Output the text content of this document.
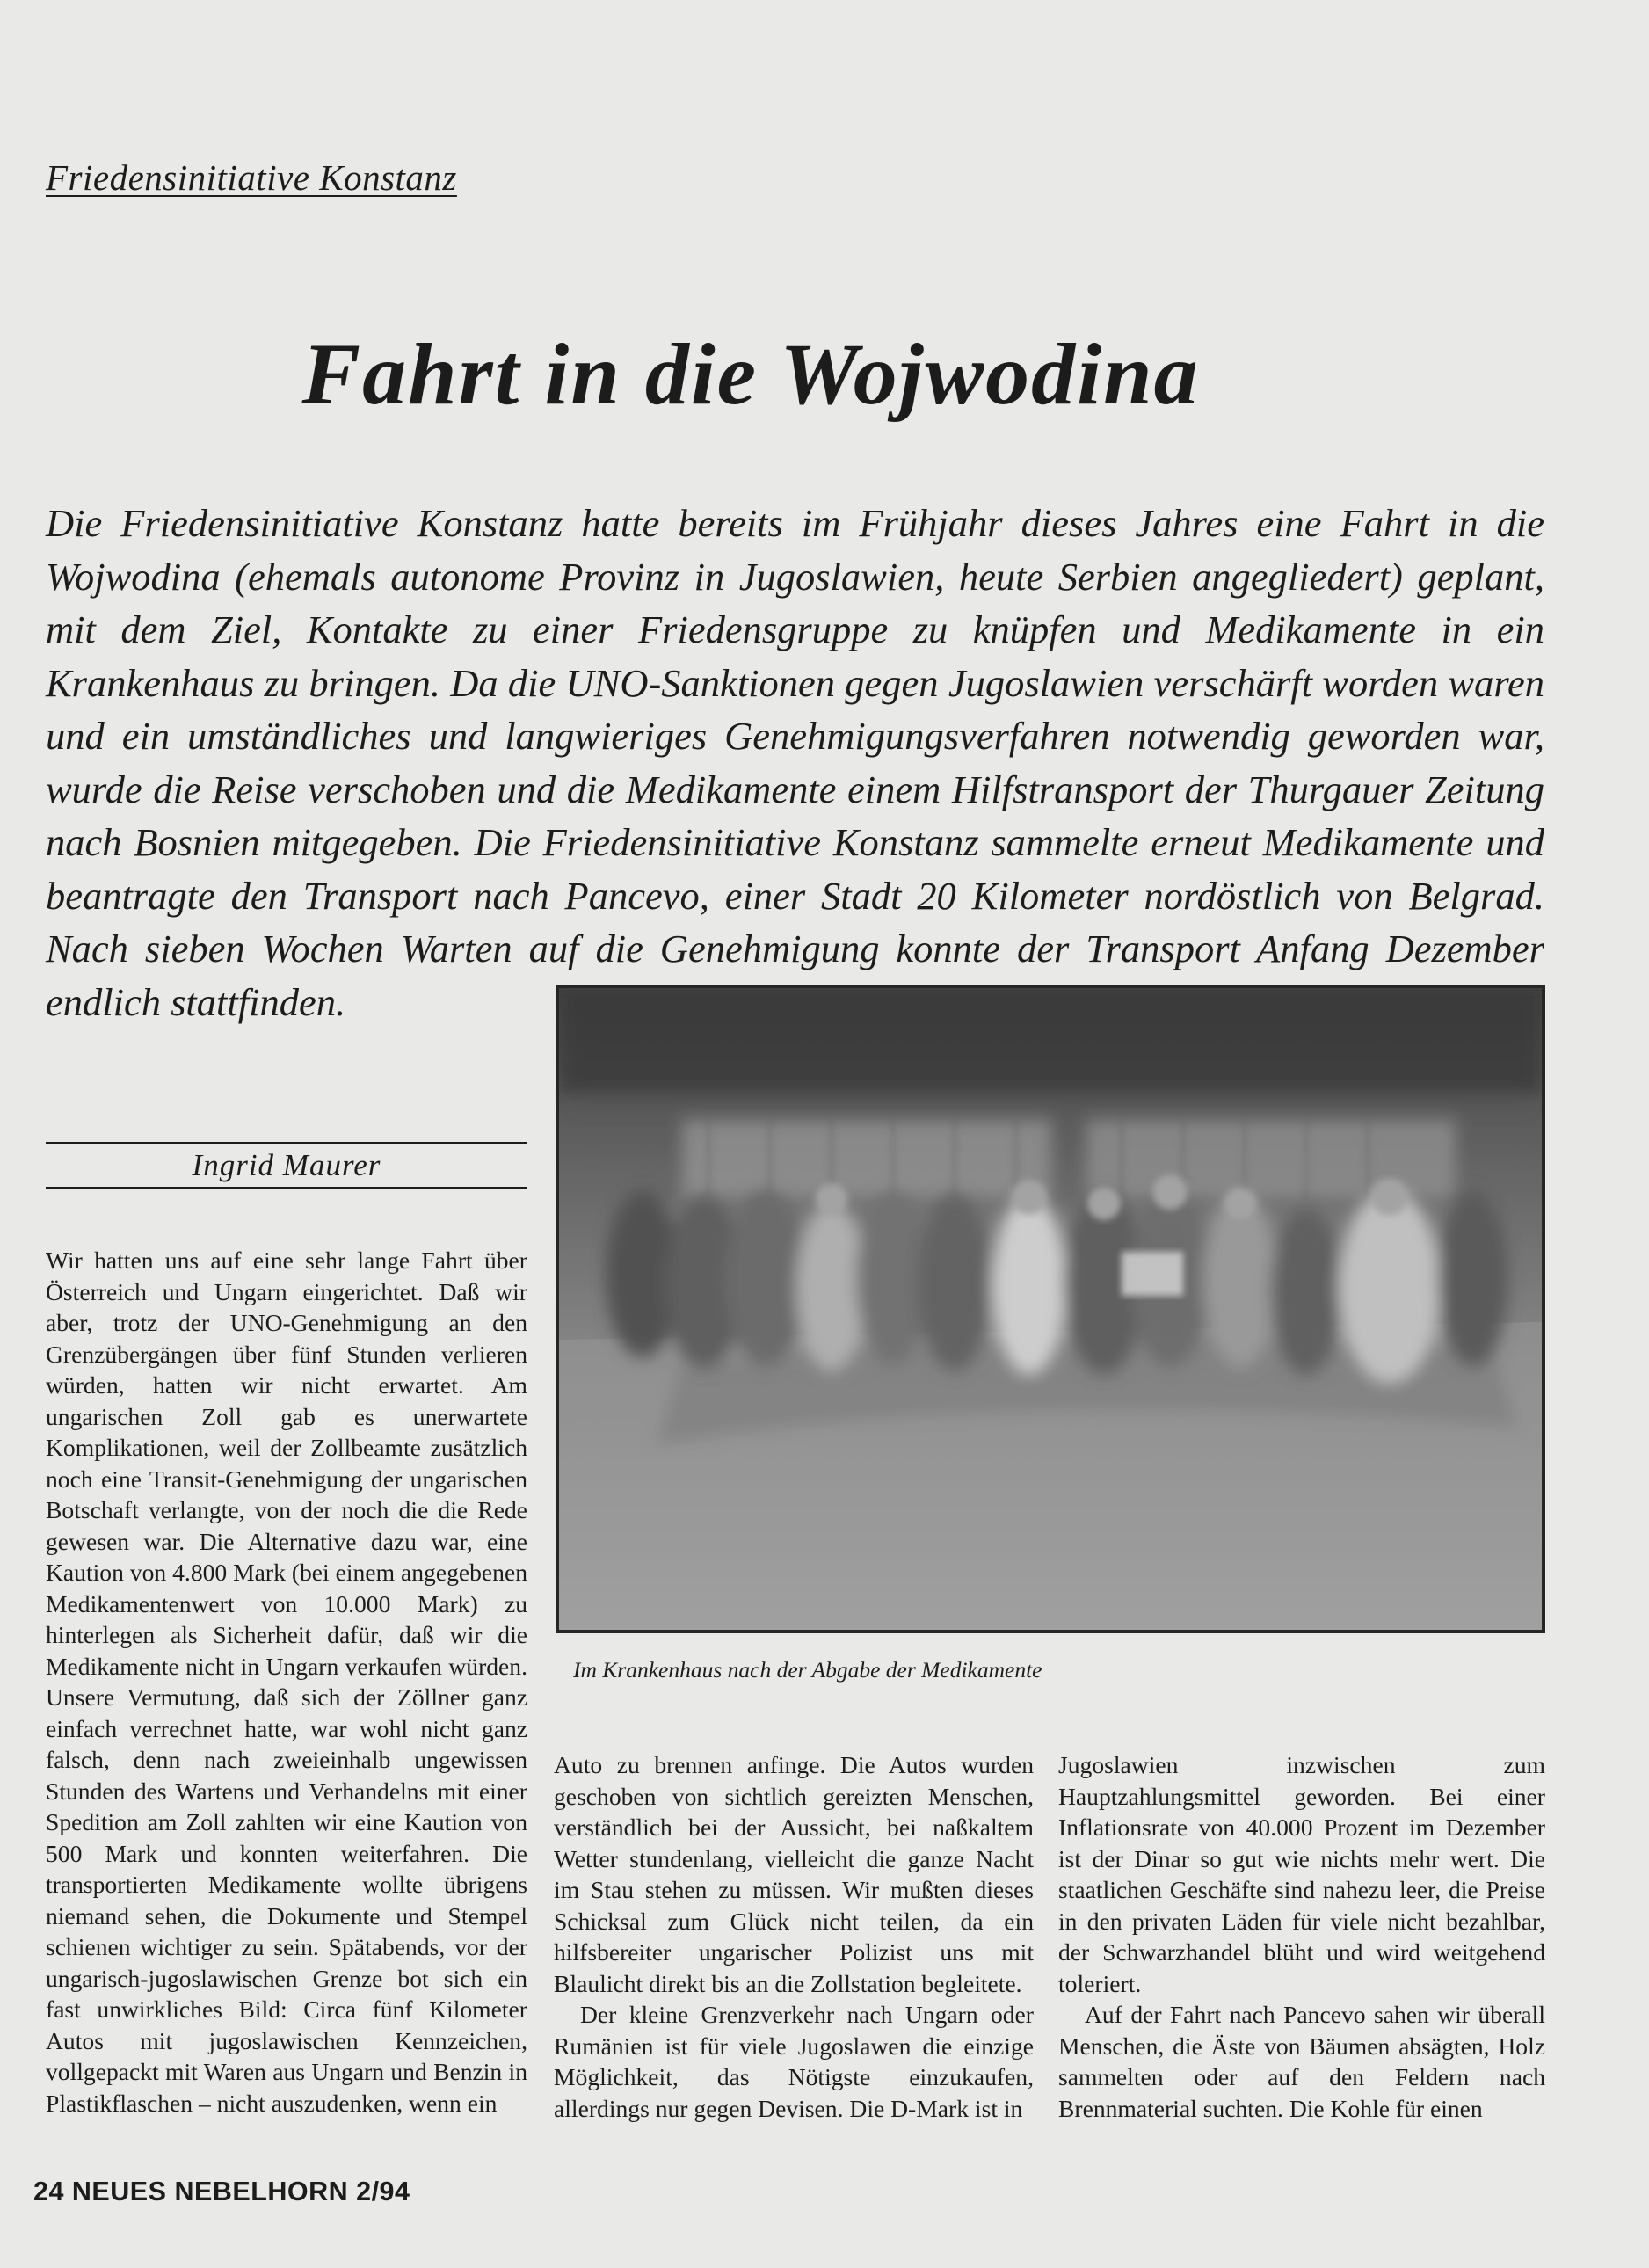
Friedensinitiative Konstanz
Fahrt in die Wojwodina

Die Friedensinitiative Konstanz hatte bereits im Frühjahr dieses Jahres eine Fahrt in die Wojwodina (ehemals autonome Provinz in Jugoslawien, heute Serbien angegliedert) geplant, mit dem Ziel, Kontakte zu einer Friedensgruppe zu knüpfen und Medikamente in ein Krankenhaus zu bringen. Da die UNO-Sanktionen gegen Jugoslawien verschärft worden waren und ein umständliches und langwieriges Genehmigungsverfahren notwendig geworden war, wurde die Reise verschoben und die Medikamente einem Hilfstransport der Thurgauer Zeitung nach Bosnien mitgegeben. Die Friedensinitiative Konstanz sammelte erneut Medikamente und beantragte den Transport nach Pancevo, einer Stadt 20 Kilometer nordöstlich von Belgrad. Nach sieben Wochen Warten auf die Genehmigung konnte der Transport Anfang Dezember endlich stattfinden.

Im Krankenhaus nach der Abgabe der Medikamente
Ingrid Maurer

Wir hatten uns auf eine sehr lange Fahrt über Österreich und Ungarn eingerichtet. Daß wir aber, trotz der UNO-Genehmigung an den Grenzübergängen über fünf Stunden verlieren würden, hatten wir nicht erwartet. Am ungarischen Zoll gab es unerwartete Komplikationen, weil der Zollbeamte zusätzlich noch eine Transit-Genehmigung der ungarischen Botschaft verlangte, von der noch die die Rede gewesen war. Die Alternative dazu war, eine Kaution von 4.800 Mark (bei einem angegebenen Medikamentenwert von 10.000 Mark) zu hinterlegen als Sicherheit dafür, daß wir die Medikamente nicht in Ungarn verkaufen würden. Unsere Vermutung, daß sich der Zöllner ganz einfach verrechnet hatte, war wohl nicht ganz falsch, denn nach zweieinhalb ungewissen Stunden des Wartens und Verhandelns mit einer Spedition am Zoll zahlten wir eine Kaution von 500 Mark und konnten weiterfahren. Die transportierten Medikamente wollte übrigens niemand sehen, die Dokumente und Stempel schienen wichtiger zu sein. Spätabends, vor der ungarisch-jugoslawischen Grenze bot sich ein fast unwirkliches Bild: Circa fünf Kilometer Autos mit jugoslawischen Kennzeichen, vollgepackt mit Waren aus Ungarn und Benzin in Plastikflaschen – nicht auszudenken, wenn ein

Auto zu brennen anfinge. Die Autos wurden geschoben von sichtlich gereizten Menschen, verständlich bei der Aussicht, bei naßkaltem Wetter stundenlang, vielleicht die ganze Nacht im Stau stehen zu müssen. Wir mußten dieses Schicksal zum Glück nicht teilen, da ein hilfsbereiter ungarischer Polizist uns mit Blaulicht direkt bis an die Zollstation begleitete.

Der kleine Grenzverkehr nach Ungarn oder Rumänien ist für viele Jugoslawen die einzige Möglichkeit, das Nötigste einzukaufen, allerdings nur gegen Devisen. Die D-Mark ist in

Jugoslawien inzwischen zum Hauptzahlungsmittel geworden. Bei einer Inflationsrate von 40.000 Prozent im Dezember ist der Dinar so gut wie nichts mehr wert. Die staatlichen Geschäfte sind nahezu leer, die Preise in den privaten Läden für viele nicht bezahlbar, der Schwarzhandel blüht und wird weitgehend toleriert.

Auf der Fahrt nach Pancevo sahen wir überall Menschen, die Äste von Bäumen absägten, Holz sammelten oder auf den Feldern nach Brennmaterial suchten. Die Kohle für einen

24 NEUES NEBELHORN 2/94
